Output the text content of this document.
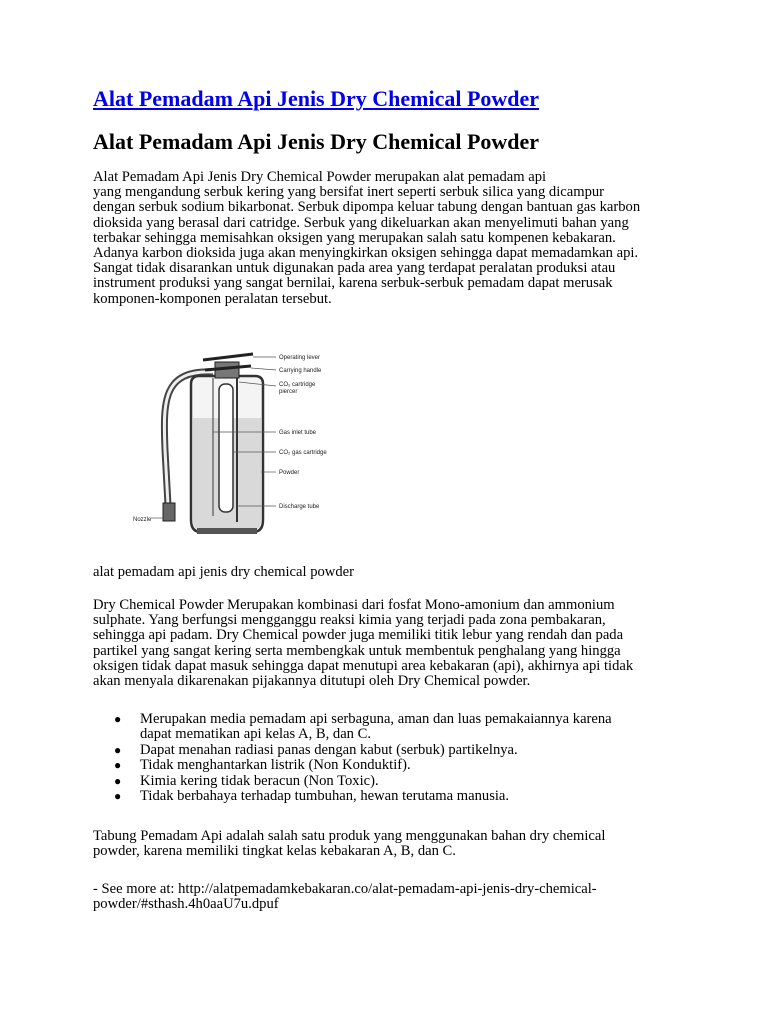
Alat Pemadam Api Jenis Dry Chemical Powder
Alat Pemadam Api Jenis Dry Chemical Powder

Alat Pemadam Api Jenis Dry Chemical Powder merupakan alat pemadam api
yang mengandung serbuk kering yang bersifat inert seperti serbuk silica yang dicampur
dengan serbuk sodium bikarbonat. Serbuk dipompa keluar tabung dengan bantuan gas karbon
dioksida yang berasal dari catridge. Serbuk yang dikeluarkan akan menyelimuti bahan yang
terbakar sehingga memisahkan oksigen yang merupakan salah satu kompenen kebakaran.
Adanya karbon dioksida juga akan menyingkirkan oksigen sehingga dapat memadamkan api.
Sangat tidak disarankan untuk digunakan pada area yang terdapat peralatan produksi atau
instrument produksi yang sangat bernilai, karena serbuk-serbuk pemadam dapat merusak
komponen-komponen peralatan tersebut.

Operating lever
Carrying handle
CO₂ cartridge
piercer
Gas inlet tube
CO₂ gas cartridge
Powder
Discharge tube
Nozzle
alat pemadam api jenis dry chemical powder

Dry Chemical Powder Merupakan kombinasi dari fosfat Mono-amonium dan ammonium
sulphate. Yang berfungsi mengganggu reaksi kimia yang terjadi pada zona pembakaran,
sehingga api padam. Dry Chemical powder juga memiliki titik lebur yang rendah dan pada
partikel yang sangat kering serta membengkak untuk membentuk penghalang yang hingga
oksigen tidak dapat masuk sehingga dapat menutupi area kebakaran (api), akhirnya api tidak
akan menyala dikarenakan pijakannya ditutupi oleh Dry Chemical powder.

● Merupakan media pemadam api serbaguna, aman dan luas pemakaiannya karena
dapat mematikan api kelas A, B, dan C.
● Dapat menahan radiasi panas dengan kabut (serbuk) partikelnya.
● Tidak menghantarkan listrik (Non Konduktif).
● Kimia kering tidak beracun (Non Toxic).
● Tidak berbahaya terhadap tumbuhan, hewan terutama manusia.

Tabung Pemadam Api adalah salah satu produk yang menggunakan bahan dry chemical
powder, karena memiliki tingkat kelas kebakaran A, B, dan C.

- See more at: http://alatpemadamkebakaran.co/alat-pemadam-api-jenis-dry-chemical-
powder/#sthash.4h0aaU7u.dpuf
